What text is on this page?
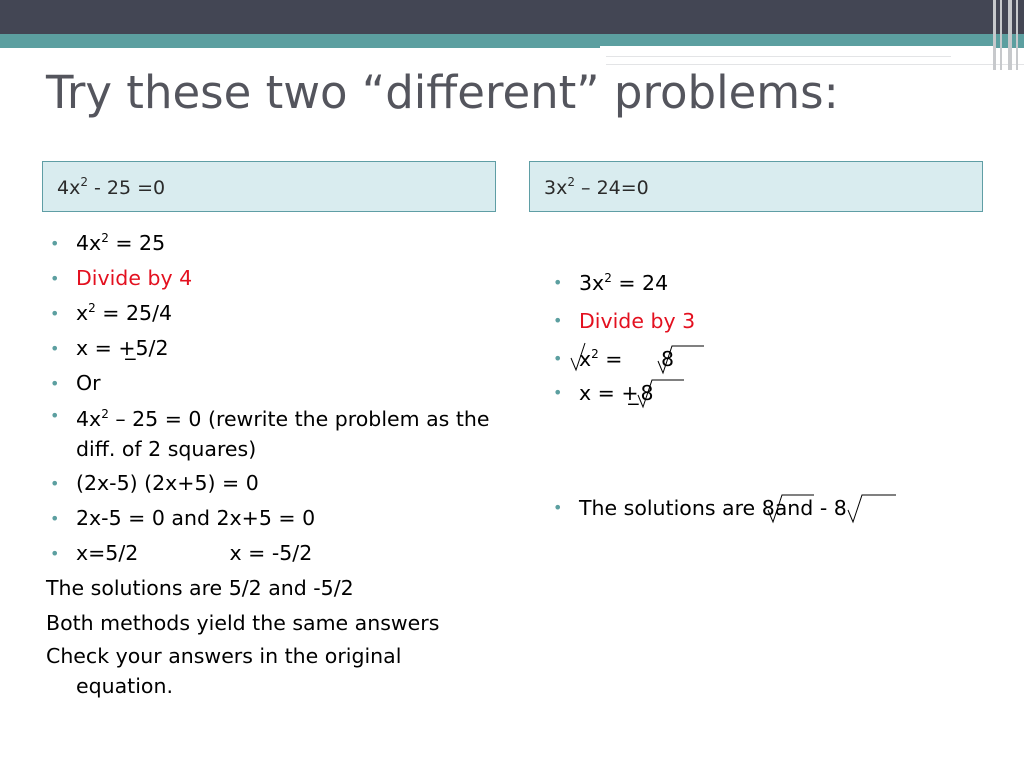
Try these two “different” problems:
$4x^2 - 25 =0$	$3x^2 - 24=0$
• $4x^2 = 25$
• Divide by 4
• $x^2 = 25/4$
• x = +̲5/2
• Or
• $4x^2 - 25 = 0$ (rewrite the problem as the diff. of 2 squares)
• (2x-5) (2x+5) = 0
• 2x-5 = 0 and 2x+5 = 0
• x=5/2              x = -5/2
The solutions are 5/2 and -5/2
Both methods yield the same answers
Check your answers in the original
equation.
• $3x^2 = 24$
• Divide by 3
• $x^2 = 8$
• x = +̲8
• The solutions are 8and - 8
